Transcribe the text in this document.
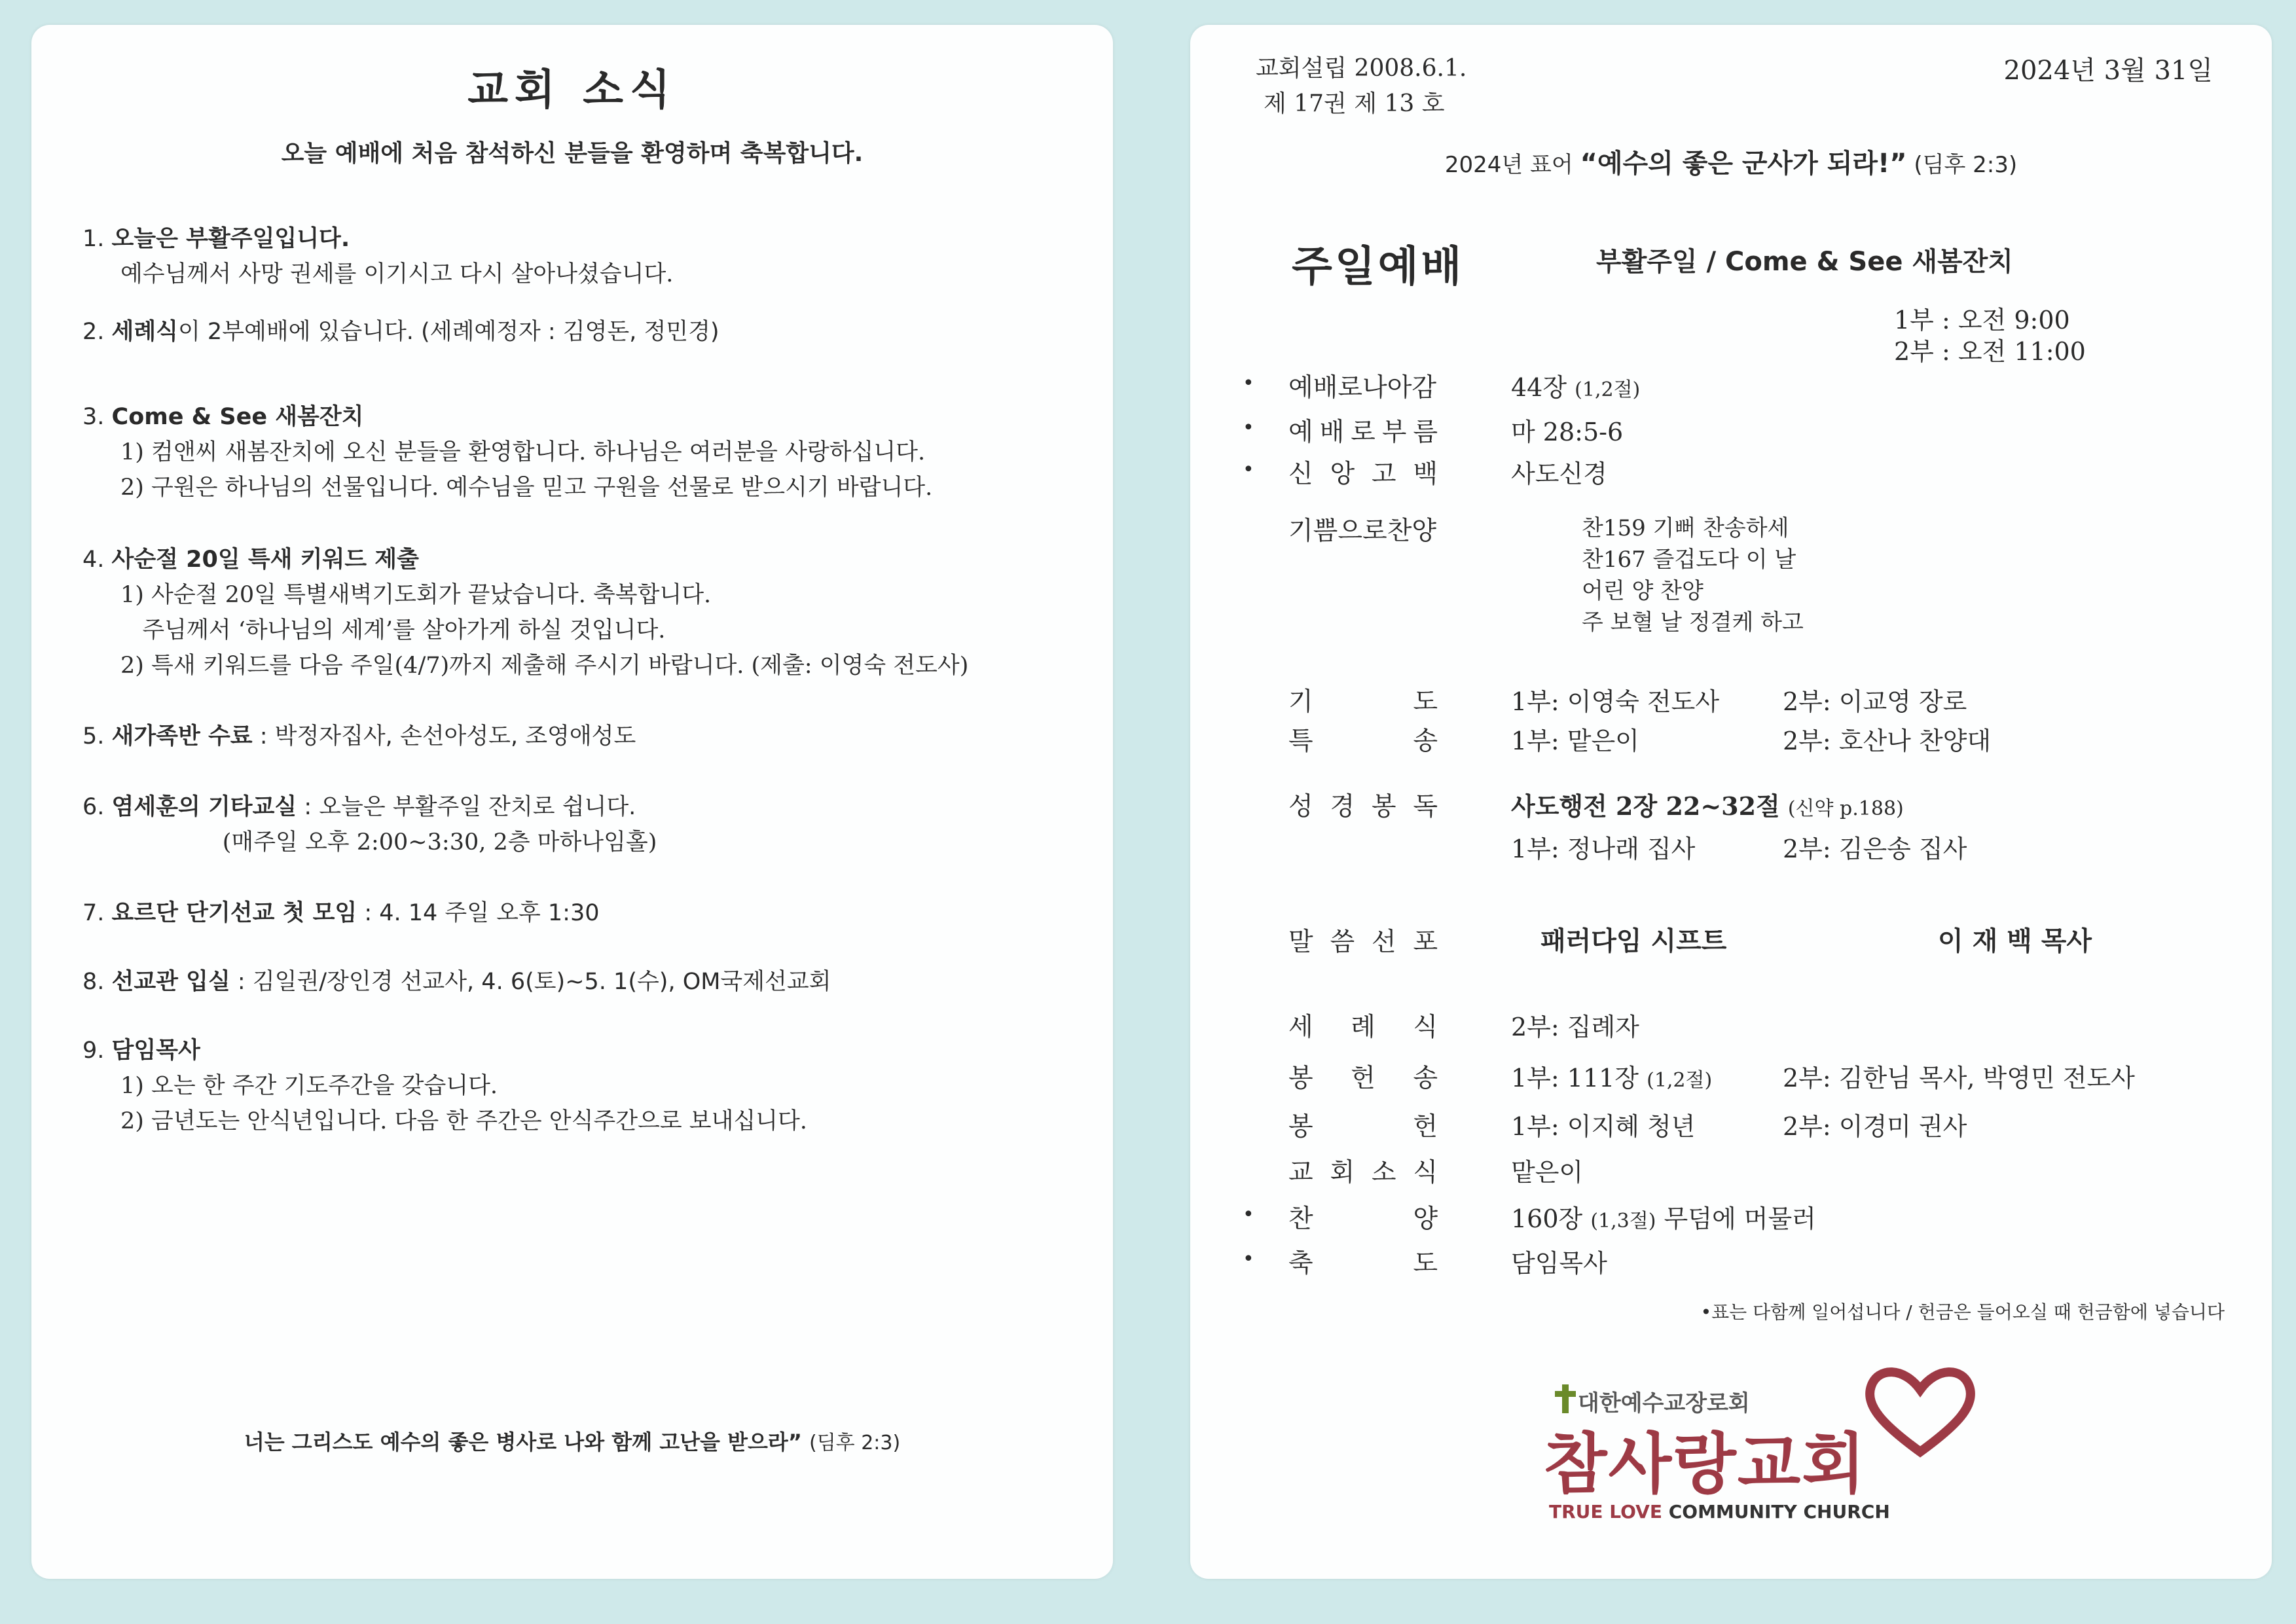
교회 소식
오늘 예배에 처음 참석하신 분들을 환영하며 축복합니다.
1. 오늘은 부활주일입니다.
예수님께서 사망 권세를 이기시고 다시 살아나셨습니다.
2. 세례식이 2부예배에 있습니다. (세례예정자 : 김영돈, 정민경)
3. Come & See 새봄잔치
1) 컴앤씨 새봄잔치에 오신 분들을 환영합니다. 하나님은 여러분을 사랑하십니다.
2) 구원은 하나님의 선물입니다. 예수님을 믿고 구원을 선물로 받으시기 바랍니다.
4. 사순절 20일 특새 키워드 제출
1) 사순절 20일 특별새벽기도회가 끝났습니다. 축복합니다.
주님께서 ‘하나님의 세계’를 살아가게 하실 것입니다.
2) 특새 키워드를 다음 주일(4/7)까지 제출해 주시기 바랍니다. (제출: 이영숙 전도사)
5. 새가족반 수료 : 박정자집사, 손선아성도, 조영애성도
6. 염세훈의 기타교실 : 오늘은 부활주일 잔치로 쉽니다.
(매주일 오후 2:00~3:30, 2층 마하나임홀)
7. 요르단 단기선교 첫 모임 : 4. 14 주일 오후 1:30
8. 선교관 입실 : 김일권/장인경 선교사, 4. 6(토)~5. 1(수), OM국제선교회
9. 담임목사
1) 오는 한 주간 기도주간을 갖습니다.
2) 금년도는 안식년입니다. 다음 한 주간은 안식주간으로 보내십니다.
너는 그리스도 예수의 좋은 병사로 나와 함께 고난을 받으라” (딤후 2:3)
교회설립 2008.6.1.
제 17권 제 13 호
2024년 3월 31일
2024년 표어 “예수의 좋은 군사가 되라!” (딤후 2:3)
주일예배	부활주일 / Come & See 새봄잔치
1부 : 오전 9:00
2부 : 오전 11:00
• 예배로나아감	44장 (1,2절)
• 예 배 로 부 름	마 28:5-6
• 신 앙 고 백	사도신경
기쁨으로찬양	찬159 기뻐 찬송하세
찬167 즐겁도다 이 날
어린 양 찬양
주 보혈 날 정결케 하고
기	도	1부: 이영숙 전도사	2부: 이교영 장로
특	송	1부: 맡은이	2부: 호산나 찬양대
성 경 봉 독	사도행전 2장 22~32절 (신약 p.188)
1부: 정나래 집사	2부: 김은송 집사
말 씀 선 포	패러다임 시프트	이 재 백 목사
세 례 식	2부: 집례자
봉 헌 송	1부: 111장 (1,2절)	2부: 김한님 목사, 박영민 전도사
봉	헌	1부: 이지혜 청년	2부: 이경미 권사
교 회 소 식	맡은이
• 찬	양	160장 (1,3절) 무덤에 머물러
• 축	도	담임목사
•표는 다함께 일어섭니다 / 헌금은 들어오실 때 헌금함에 넣습니다
대한예수교장로회
참사랑교회
TRUE LOVE COMMUNITY CHURCH
